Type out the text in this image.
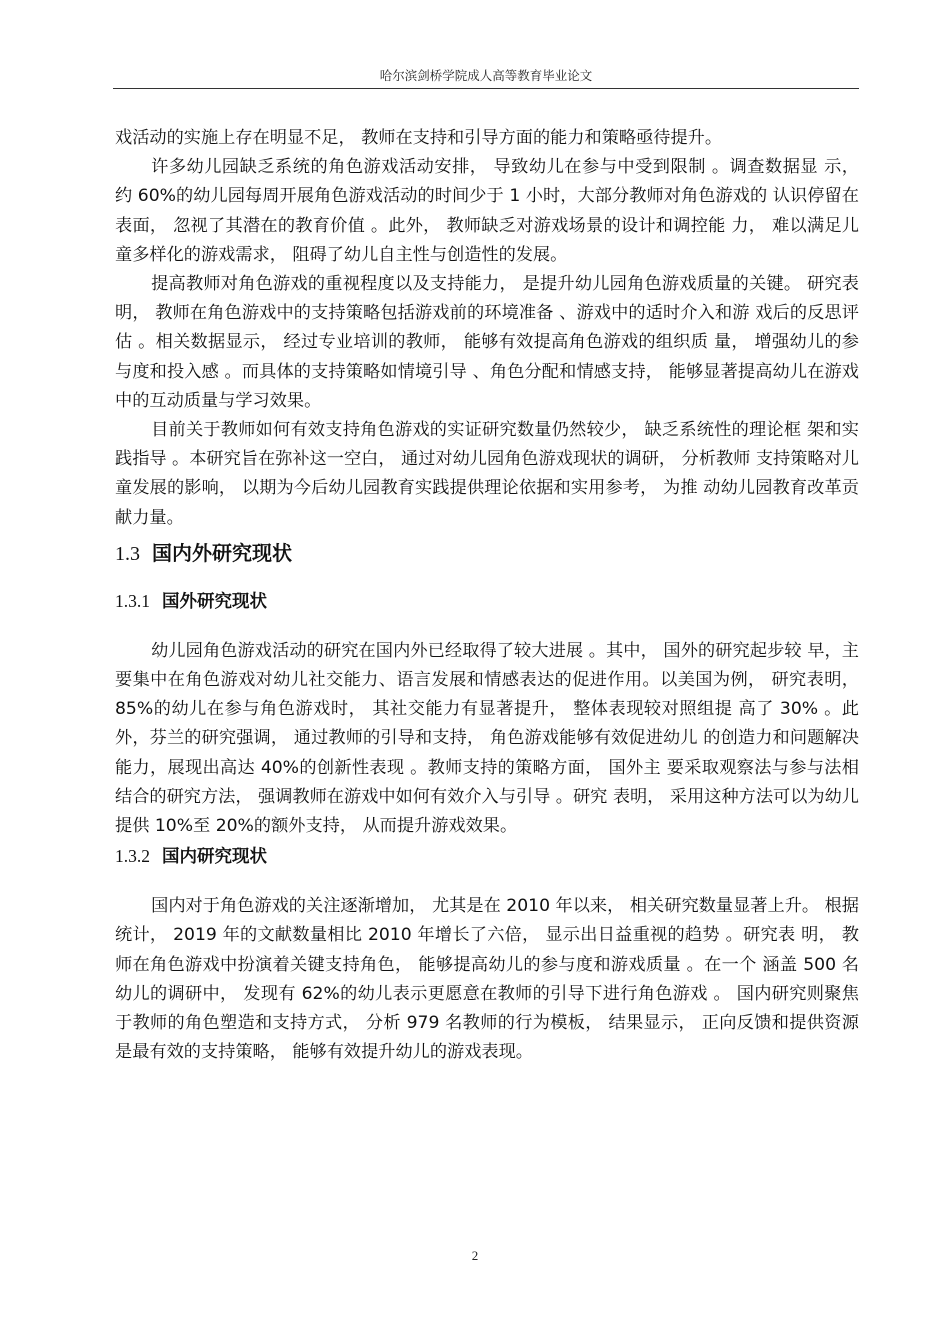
哈尔滨剑桥学院成人高等教育毕业论文

戏活动的实施上存在明显不足， 教师在支持和引导方面的能力和策略亟待提升。

许多幼儿园缺乏系统的角色游戏活动安排， 导致幼儿在参与中受到限制 。调查数据显 示， 约 60%的幼儿园每周开展角色游戏活动的时间少于 1 小时，大部分教师对角色游戏的 认识停留在表面， 忽视了其潜在的教育价值 。此外， 教师缺乏对游戏场景的设计和调控能 力， 难以满足儿童多样化的游戏需求， 阻碍了幼儿自主性与创造性的发展。

提高教师对角色游戏的重视程度以及支持能力， 是提升幼儿园角色游戏质量的关键。 研究表明， 教师在角色游戏中的支持策略包括游戏前的环境准备 、游戏中的适时介入和游 戏后的反思评估 。相关数据显示， 经过专业培训的教师， 能够有效提高角色游戏的组织质 量， 增强幼儿的参与度和投入感 。而具体的支持策略如情境引导 、角色分配和情感支持， 能够显著提高幼儿在游戏中的互动质量与学习效果。

目前关于教师如何有效支持角色游戏的实证研究数量仍然较少， 缺乏系统性的理论框 架和实践指导 。本研究旨在弥补这一空白， 通过对幼儿园角色游戏现状的调研， 分析教师 支持策略对儿童发展的影响， 以期为今后幼儿园教育实践提供理论依据和实用参考， 为推 动幼儿园教育改革贡献力量。

1.3 国内外研究现状
1.3.1 国外研究现状

幼儿园角色游戏活动的研究在国内外已经取得了较大进展 。其中， 国外的研究起步较 早，主要集中在角色游戏对幼儿社交能力、语言发展和情感表达的促进作用。以美国为例， 研究表明， 85%的幼儿在参与角色游戏时， 其社交能力有显著提升， 整体表现较对照组提 高了 30% 。此外，芬兰的研究强调， 通过教师的引导和支持， 角色游戏能够有效促进幼儿 的创造力和问题解决能力，展现出高达 40%的创新性表现 。教师支持的策略方面， 国外主 要采取观察法与参与法相结合的研究方法， 强调教师在游戏中如何有效介入与引导 。研究 表明， 采用这种方法可以为幼儿提供 10%至 20%的额外支持， 从而提升游戏效果。

1.3.2 国内研究现状

国内对于角色游戏的关注逐渐增加， 尤其是在 2010 年以来， 相关研究数量显著上升。 根据统计， 2019 年的文献数量相比 2010 年增长了六倍， 显示出日益重视的趋势 。研究表 明， 教师在角色游戏中扮演着关键支持角色， 能够提高幼儿的参与度和游戏质量 。在一个 涵盖 500 名幼儿的调研中， 发现有 62%的幼儿表示更愿意在教师的引导下进行角色游戏 。 国内研究则聚焦于教师的角色塑造和支持方式， 分析 979 名教师的行为模板， 结果显示， 正向反馈和提供资源是最有效的支持策略， 能够有效提升幼儿的游戏表现。

2
